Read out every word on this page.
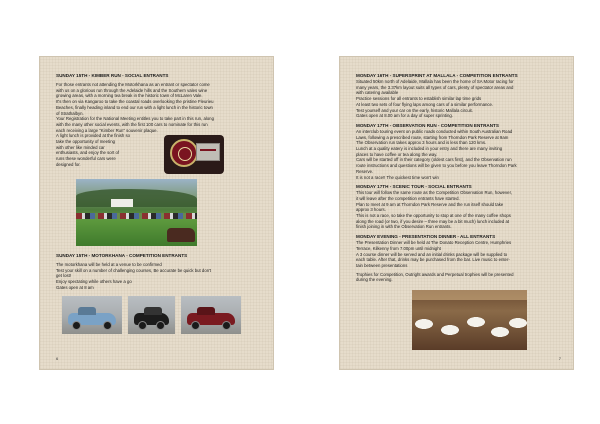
SUNDAY 15TH - KIMBER RUN - SOCIAL ENTRANTS
For those entrants not attending the Motorkhana as an entrant or spectator come
with us on a glorious run through the Adelaide hills and the Southern vales wine
growing areas, with a morning tea break in the historic town of McLaren Vale.
It's then on via Kangaroo to take the coastal roads overlooking the pristine Fleurieu
Beaches, finally heading inland to end our run with a light lunch in the historic town
of Strathalbyn.
Your Registration for the National Meeting entitles you to take part in this run, along
with the many other social events, with the first 100 cars to nominate for this run
each receiving a large "Kimber Run" souvenir plaque.
A light lunch is provided at the finish so
take the opportunity of meeting
with other like minded car
enthusiasts, and enjoy the sort of
runs these wonderful cars were
designed for.
SUNDAY 15TH - MOTORKHANA - COMPETITION ENTRANTS
The motorkhana will be held at a venue to be confirmed
Test your skill on a number of challenging courses, Be accurate be quick but don't
get lost!
Enjoy spectating while others have a go
Gates open at 8 am
6
MONDAY 16TH - SUPERSPRINT AT MALLALA - COMPETITION ENTRANTS
Situated 50km north of Adelaide, Mallala has been the home of SA Motor racing for
many years, the 3.37km layout suits all types of cars, plenty of spectator areas and
with catering available
Practice sessions for all entrants to establish similar lap time grids
At least two sets of four flying laps among cars of a similar performance.
Test yourself and your car on the early, historic Mallala circuit.
Gates open at 8.00 am for a day of super sprinting.
MONDAY 17TH - OBSERVATION RUN - COMPETITION ENTRANTS
An interclub touring event on public roads conducted within South Australian Road
Laws, following a prescribed route, starting from Thorndon Park Reserve at 9am
The Observation run takes approx 3 hours and is less than 120 kms.
Lunch at a quality eatery is included in your entry and there are many inviting
places to have coffee or tea along the way.
Cars will be started off in their category (oldest cars first), and the Observation run
route instructions and questions will be given to you before you leave Thorndon Park
Reserve.
It is not a race!! The quickest time won't win
MONDAY 17TH - SCENIC TOUR - SOCIAL ENTRANTS
This tour will follow the same route as the Competition Observation Run, however,
it will leave after the competition entrants have started.
Plan to meet at 9 am at Thorndon Park Reserve and the run itself should take
approx 3 hours.
This is not a race, so take the opportunity to stop at one of the many coffee shops
along the road (or two, if you desire – three may be a bit much) lunch included at
finish joining in with the Observation Run entrants.
MONDAY EVENING - PRESENTATION DINNER - ALL ENTRANTS
The Presentation Dinner will be held at The Donato Reception Centre, Humphries
Terrace, Kilkenny from 7.00pm until midnight
A 3 course dinner will be served and an initial drinks package will be supplied to
each table. After that, drinks may be purchased from the bar. Live music to enter-
tain between presentations
Trophies for Competition, Outright awards and Perpetual trophies will be presented
during the evening.
7
